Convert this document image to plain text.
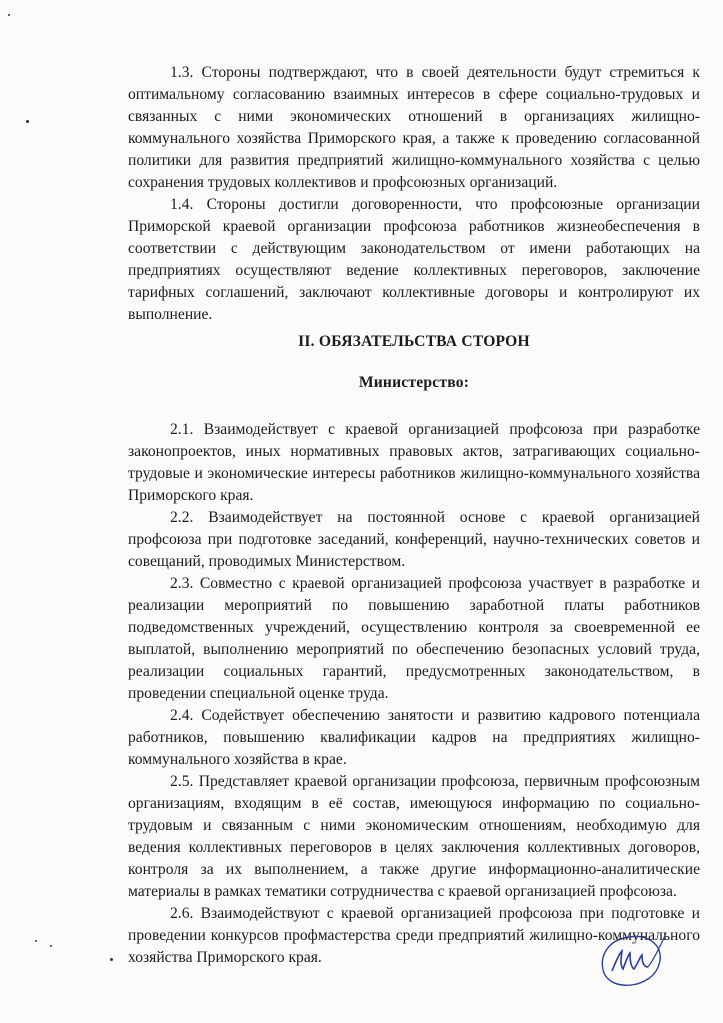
1.3. Стороны подтверждают, что в своей деятельности будут стремиться к оптимальному согласованию взаимных интересов в сфере социально-трудовых и связанных с ними экономических отношений в организациях жилищно-коммунального хозяйства Приморского края, а также к проведению согласованной политики для развития предприятий жилищно-коммунального хозяйства с целью сохранения трудовых коллективов и профсоюзных организаций.

1.4. Стороны достигли договоренности, что профсоюзные организации Приморской краевой организации профсоюза работников жизнеобеспечения в соответствии с действующим законодательством от имени работающих на предприятиях осуществляют ведение коллективных переговоров, заключение тарифных соглашений, заключают коллективные договоры и контролируют их выполнение.

II. ОБЯЗАТЕЛЬСТВА СТОРОН

Министерство:

2.1. Взаимодействует с краевой организацией профсоюза при разработке законопроектов, иных нормативных правовых актов, затрагивающих социально-трудовые и экономические интересы работников жилищно-коммунального хозяйства Приморского края.

2.2. Взаимодействует на постоянной основе с краевой организацией профсоюза при подготовке заседаний, конференций, научно-технических советов и совещаний, проводимых Министерством.

2.3. Совместно с краевой организацией профсоюза участвует в разработке и реализации мероприятий по повышению заработной платы работников подведомственных учреждений, осуществлению контроля за своевременной ее выплатой, выполнению мероприятий по обеспечению безопасных условий труда, реализации социальных гарантий, предусмотренных законодательством, в проведении специальной оценке труда.

2.4. Содействует обеспечению занятости и развитию кадрового потенциала работников, повышению квалификации кадров на предприятиях жилищно-коммунального хозяйства в крае.

2.5. Представляет краевой организации профсоюза, первичным профсоюзным организациям, входящим в её состав, имеющуюся информацию по социально-трудовым и связанным с ними экономическим отношениям, необходимую для ведения коллективных переговоров в целях заключения коллективных договоров, контроля за их выполнением, а также другие информационно-аналитические материалы в рамках тематики сотрудничества с краевой организацией профсоюза.

2.6. Взаимодействуют с краевой организацией профсоюза при подготовке и проведении конкурсов профмастерства среди предприятий жилищно-коммунального хозяйства Приморского края.
